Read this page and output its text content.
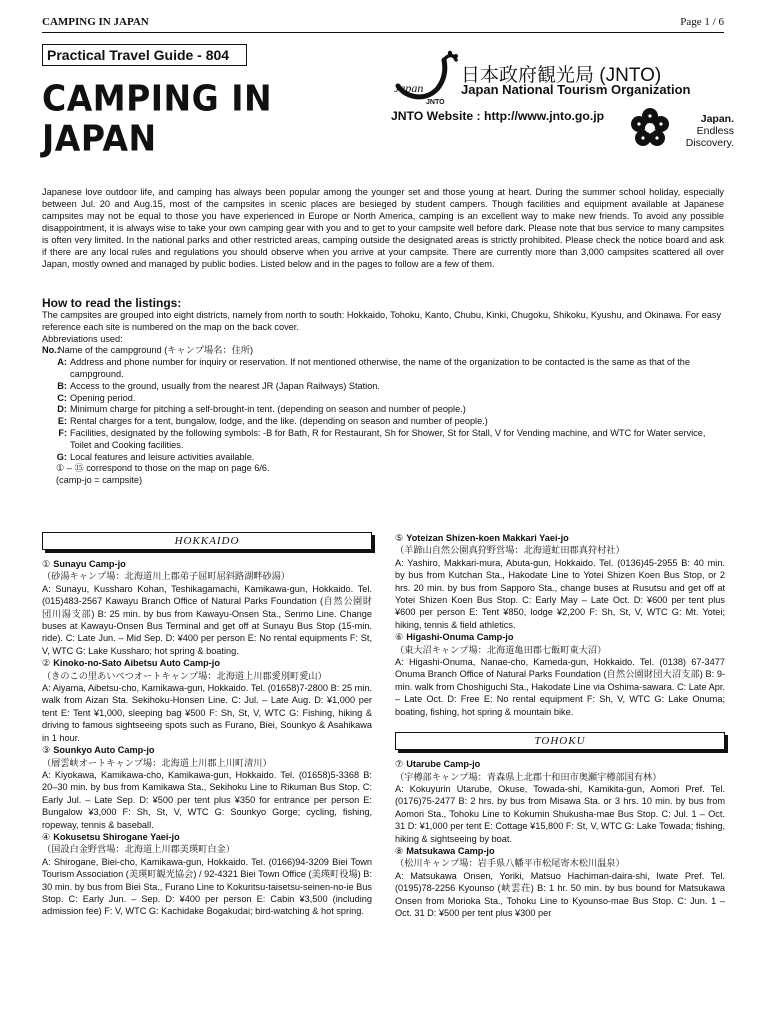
CAMPING IN JAPAN	Page 1 / 6
Practical Travel Guide - 804
CAMPING IN
JAPAN
Japan
JNTO
日本政府観光局 (JNTO)
Japan National Tourism Organization
JNTO Website : http://www.jnto.go.jp	Japan.
Endless
Discovery.
Japanese love outdoor life, and camping has always been popular among the younger set and those young at heart. During the summer school holiday, especially between Jul. 20 and Aug.15, most of the campsites in scenic places are besieged by student campers. Though facilities and equipment available at Japanese campsites may not be equal to those you have experienced in Europe or North America, camping is an excellent way to make new friends. To avoid any possible disappointment, it is always wise to take your own camping gear with you and to get to your campsite well before dark. Please note that bus service to many campsites is often very limited. In the national parks and other restricted areas, camping outside the designated areas is strictly prohibited. Please check the notice board and ask if there are any local rules and regulations you should observe when you arrive at your campsite. There are currently more than 3,000 campsites scattered all over Japan, mostly owned and managed by public bodies. Listed below and in the pages to follow are a few of them.
How to read the listings:

The campsites are grouped into eight districts, namely from north to south: Hokkaido, Tohoku, Kanto, Chubu, Kinki, Chugoku, Shikoku, Kyushu, and Okinawa. For easy reference each site is numbered on the map on the back cover.

Abbreviations used:

No.:
Name of the campground (キャンプ場名：住所)
A: Address and phone number for inquiry or reservation. If not mentioned otherwise, the name of the organization to be contacted is the same as that of the campground.
B: Access to the ground, usually from the nearest JR (Japan Railways) Station.
C: Opening period.
D: Minimum charge for pitching a self-brought-in tent. (depending on season and number of people.)
E: Rental charges for a tent, bungalow, lodge, and the like. (depending on season and number of people.)
F: Facilities, designated by the following symbols: -B for Bath, R for Restaurant, Sh for Shower, St for Stall, V for Vending machine, and WTC for Water service, Toilet and Cooking facilities.
G: Local features and leisure activities available.

① – ⑮ correspond to those on the map on page 6/6.

(camp-jo = campsite)

HOKKAIDO
① Sunayu Camp-jo
（砂湯キャンプ場：北海道川上郡弟子屈町屈斜路湖畔砂湯）
A: Sunayu, Kussharo Kohan, Teshikagamachi, Kamikawa-gun, Hokkaido. Tel. (015)483-2567 Kawayu Branch Office of Natural Parks Foundation (自然公園財団川湯支部) B: 25 min. by bus from Kawayu-Onsen Sta., Senmo Line. Change buses at Kawayu-Onsen Bus Terminal and get off at Sunayu Bus Stop (15-min. ride). C: Late Jun. – Mid Sep. D: ¥400 per person E: No rental equipments F: St, V, WTC G: Lake Kussharo; hot spring & boating.
② Kinoko-no-Sato Aibetsu Auto Camp-jo
（きのこの里あいべつオートキャンプ場：北海道上川郡愛別町愛山）
A: Aiyama, Aibetsu-cho, Kamikawa-gun, Hokkaido. Tel. (01658)7-2800 B: 25 min. walk from Aizan Sta. Sekihoku-Honsen Line. C: Jul. – Late Aug. D: ¥1,000 per tent E: Tent ¥1,000, sleeping bag ¥500 F: Sh, St, V, WTC G: Fishing, hiking & driving to famous sightseeing spots such as Furano, Biei, Sounkyo & Asahikawa in 1 hour.
③ Sounkyo Auto Camp-jo
（層雲峡オートキャンプ場：北海道上川郡上川町清川）
A: Kiyokawa, Kamikawa-cho, Kamikawa-gun, Hokkaido. Tel. (01658)5-3368 B: 20–30 min. by bus from Kamikawa Sta., Sekihoku Line to Rikuman Bus Stop. C: Early Jul. – Late Sep. D: ¥500 per tent plus ¥350 for entrance per person E: Bungalow ¥3,000 F: Sh, St, V, WTC G: Sounkyo Gorge; cycling, fishing, ropeway, tennis & baseball.
④ Kokusetsu Shirogane Yaei-jo
（国設白金野営場：北海道上川郡美瑛町白金）
A: Shirogane, Biei-cho, Kamikawa-gun, Hokkaido. Tel. (0166)94-3209 Biei Town Tourism Association (美瑛町観光協会) / 92-4321 Biei Town Office (美瑛町役場) B: 30 min. by bus from Biei Sta., Furano Line to Kokuritsu-taisetsu-seinen-no-ie Bus Stop. C: Early Jun. – Sep. D: ¥400 per person E: Cabin ¥3,500 (including admission fee) F: V, WTC G: Kachidake Bogakudai; bird-watching & hot spring.
⑤ Yoteizan Shizen-koen Makkari Yaei-jo
（羊蹄山自然公園真狩野営場：北海道虻田郡真狩村社）
A: Yashiro, Makkari-mura, Abuta-gun, Hokkaido. Tel. (0136)45-2955 B: 40 min. by bus from Kutchan Sta., Hakodate Line to Yotei Shizen Koen Bus Stop, or 2 hrs. 20 min. by bus from Sapporo Sta., change buses at Rusutsu and get off at Yotei Shizen Koen Bus Stop. C: Early May – Late Oct. D: ¥600 per tent plus ¥600 per person E: Tent ¥850, lodge ¥2,200 F: Sh, St, V, WTC G: Mt. Yotei; hiking, tennis & field athletics.
⑥ Higashi-Onuma Camp-jo
（東大沼キャンプ場：北海道亀田郡七飯町東大沼）
A: Higashi-Onuma, Nanae-cho, Kameda-gun, Hokkaido. Tel. (0138) 67-3477 Onuma Branch Office of Natural Parks Foundation (自然公園財団大沼支部) B: 9-min. walk from Choshiguchi Sta., Hakodate Line via Oshima-sawara. C: Late Apr. – Late Oct. D: Free E: No rental equipment F: Sh, V, WTC G: Lake Onuma; boating, fishing, hot spring & mountain bike.
TOHOKU
⑦ Utarube Camp-jo
（宇樽部キャンプ場：青森県上北郡十和田市奥瀬宇樽部国有林）
A: Kokuyurin Utarube, Okuse, Towada-shi, Kamikita-gun, Aomori Pref. Tel. (0176)75-2477 B: 2 hrs. by bus from Misawa Sta. or 3 hrs. 10 min. by bus from Aomori Sta., Tohoku Line to Kokumin Shukusha-mae Bus Stop. C: Jul. 1 – Oct. 31 D: ¥1,000 per tent E: Cottage ¥15,800 F: St, V, WTC G: Lake Towada; fishing, hiking & sightseeing by boat.
⑧ Matsukawa Camp-jo
（松川キャンプ場：岩手県八幡平市松尾寄木松川温泉）
A: Matsukawa Onsen, Yoriki, Matsuo Hachiman-daira-shi, Iwate Pref. Tel. (0195)78-2256 Kyounso (峡雲荘) B: 1 hr. 50 min. by bus bound for Matsukawa Onsen from Morioka Sta., Tohoku Line to Kyounso-mae Bus Stop. C: Jun. 1 – Oct. 31 D: ¥500 per tent plus ¥300 per
